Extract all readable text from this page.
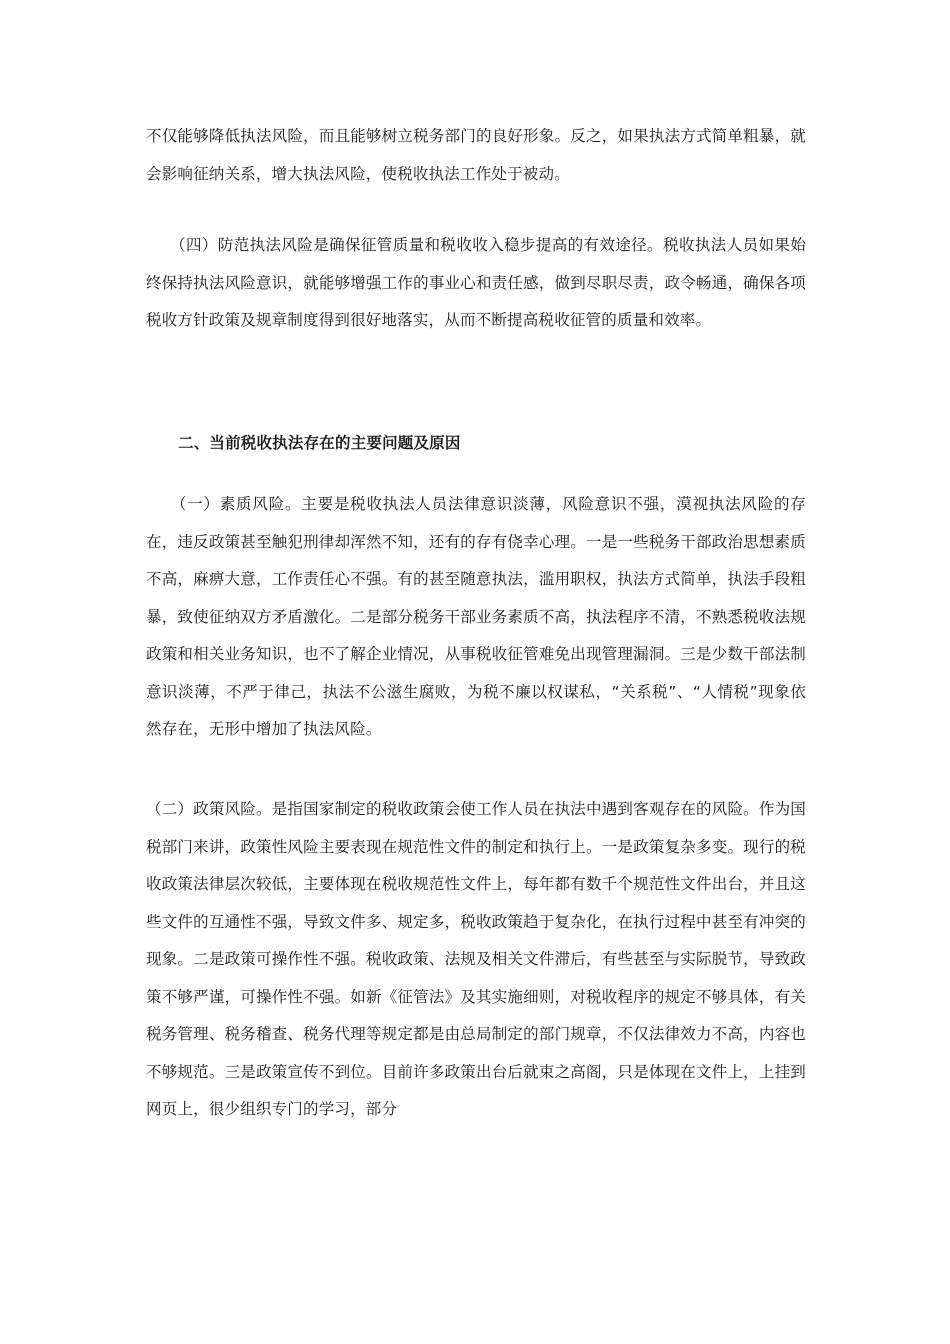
不仅能够降低执法风险，而且能够树立税务部门的良好形象。反之，如果执法方式简单粗暴，就会影响征纳关系，增大执法风险，使税收执法工作处于被动。

　　（四）防范执法风险是确保征管质量和税收收入稳步提高的有效途径。税收执法人员如果始终保持执法风险意识，就能够增强工作的事业心和责任感，做到尽职尽责，政令畅通，确保各项税收方针政策及规章制度得到很好地落实，从而不断提高税收征管的质量和效率。

二、当前税收执法存在的主要问题及原因

　　（一）素质风险。主要是税收执法人员法律意识淡薄，风险意识不强，漠视执法风险的存在，违反政策甚至触犯刑律却浑然不知，还有的存有侥幸心理。一是一些税务干部政治思想素质不高，麻痹大意，工作责任心不强。有的甚至随意执法，滥用职权，执法方式简单，执法手段粗暴，致使征纳双方矛盾激化。二是部分税务干部业务素质不高，执法程序不清，不熟悉税收法规政策和相关业务知识，也不了解企业情况，从事税收征管难免出现管理漏洞。三是少数干部法制意识淡薄，不严于律己，执法不公滋生腐败，为税不廉以权谋私，“关系税”、“人情税”现象依然存在，无形中增加了执法风险。

（二）政策风险。是指国家制定的税收政策会使工作人员在执法中遇到客观存在的风险。作为国税部门来讲，政策性风险主要表现在规范性文件的制定和执行上。一是政策复杂多变。现行的税收政策法律层次较低，主要体现在税收规范性文件上，每年都有数千个规范性文件出台，并且这些文件的互通性不强，导致文件多、规定多，税收政策趋于复杂化，在执行过程中甚至有冲突的现象。二是政策可操作性不强。税收政策、法规及相关文件滞后，有些甚至与实际脱节，导致政策不够严谨，可操作性不强。如新《征管法》及其实施细则，对税收程序的规定不够具体，有关税务管理、税务稽查、税务代理等规定都是由总局制定的部门规章，不仅法律效力不高，内容也不够规范。三是政策宣传不到位。目前许多政策出台后就束之高阁，只是体现在文件上，上挂到网页上，很少组织专门的学习，部分
